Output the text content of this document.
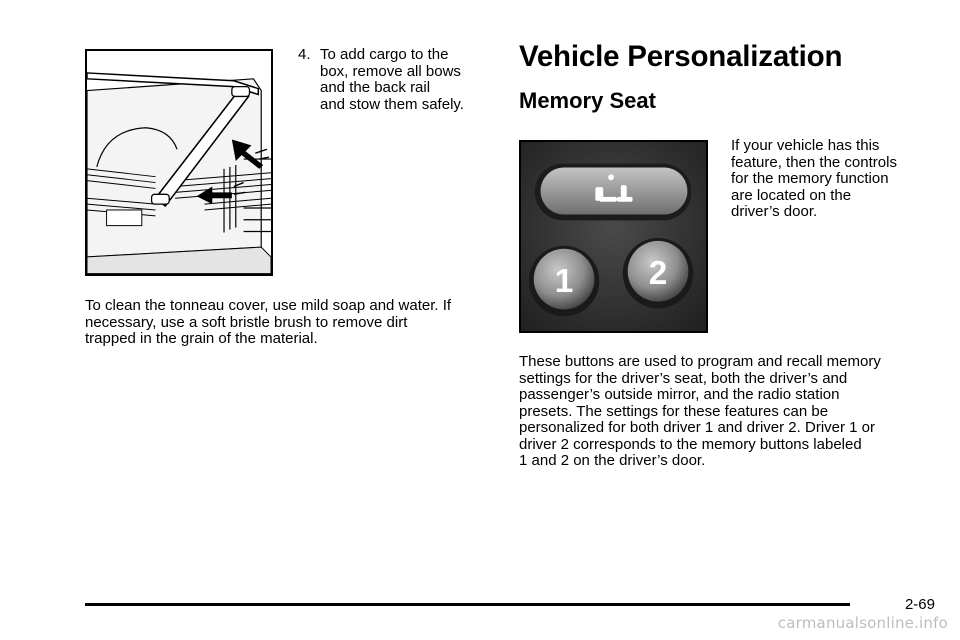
4. To add cargo to the
box, remove all bows
and the back rail
and stow them safely.

To clean the tonneau cover, use mild soap and water. If
necessary, use a soft bristle brush to remove dirt
trapped in the grain of the material.

Vehicle Personalization
Memory Seat
1 2

If your vehicle has this
feature, then the controls
for the memory function
are located on the
driver’s door.

These buttons are used to program and recall memory
settings for the driver’s seat, both the driver’s and
passenger’s outside mirror, and the radio station
presets. The settings for these features can be
personalized for both driver 1 and driver 2. Driver 1 or
driver 2 corresponds to the memory buttons labeled
1 and 2 on the driver’s door.

2-69
carmanualsonline.info
